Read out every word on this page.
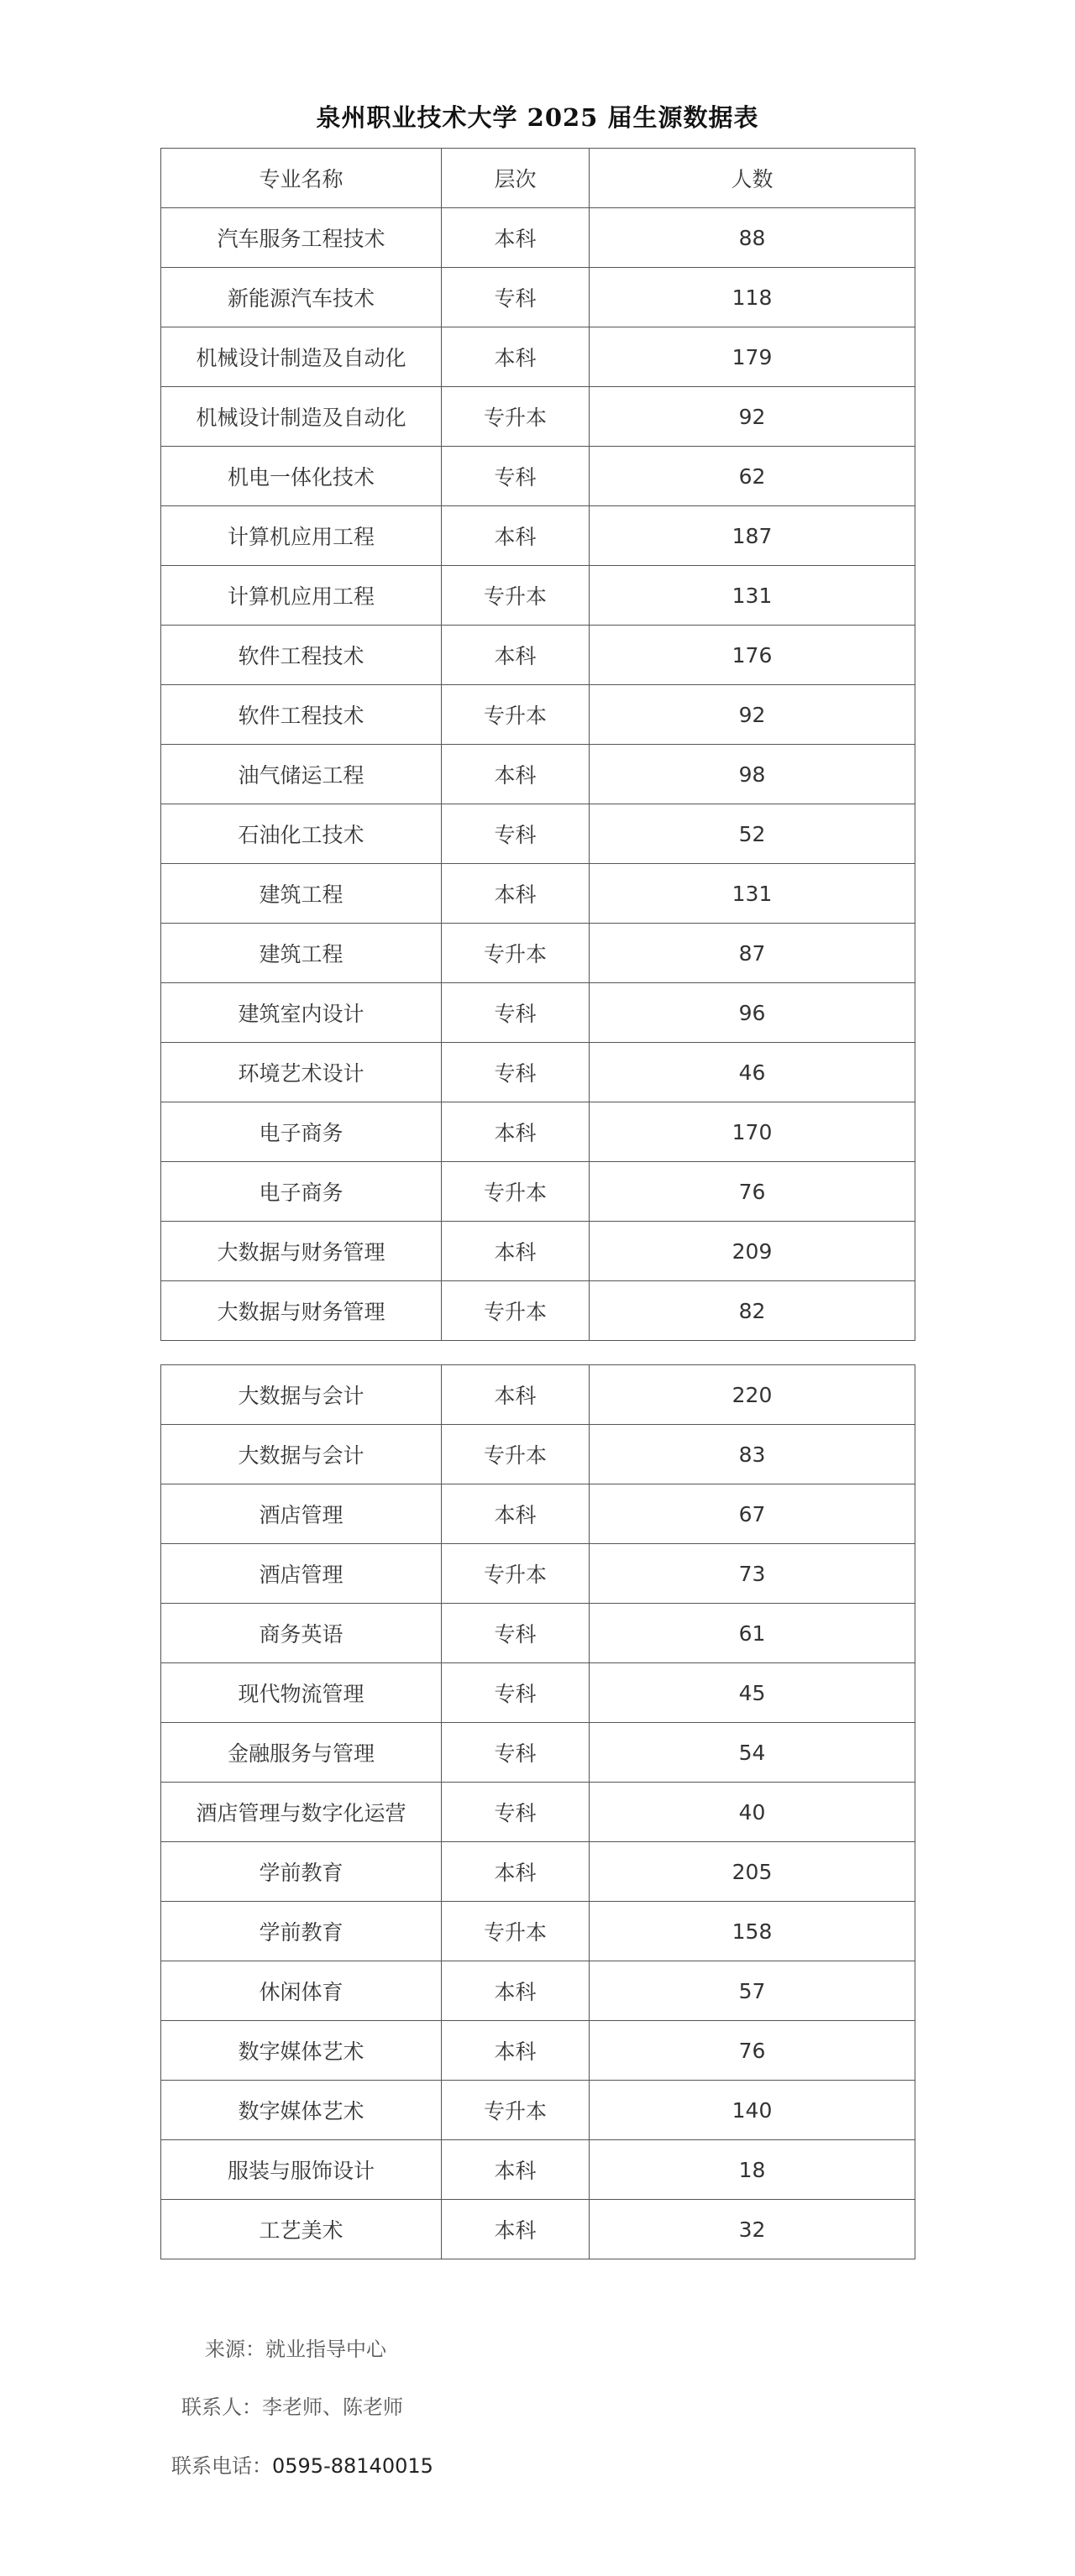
泉州职业技术大学 2025 届生源数据表
专业名称	层次	人数
汽车服务工程技术	本科	88
新能源汽车技术	专科	118
机械设计制造及自动化	本科	179
机械设计制造及自动化	专升本	92
机电一体化技术	专科	62
计算机应用工程	本科	187
计算机应用工程	专升本	131
软件工程技术	本科	176
软件工程技术	专升本	92
油气储运工程	本科	98
石油化工技术	专科	52
建筑工程	本科	131
建筑工程	专升本	87
建筑室内设计	专科	96
环境艺术设计	专科	46
电子商务	本科	170
电子商务	专升本	76
大数据与财务管理	本科	209
大数据与财务管理	专升本	82
大数据与会计	本科	220
大数据与会计	专升本	83
酒店管理	本科	67
酒店管理	专升本	73
商务英语	专科	61
现代物流管理	专科	45
金融服务与管理	专科	54
酒店管理与数字化运营	专科	40
学前教育	本科	205
学前教育	专升本	158
休闲体育	本科	57
数字媒体艺术	本科	76
数字媒体艺术	专升本	140
服装与服饰设计	本科	18
工艺美术	本科	32
来源：就业指导中心
联系人：李老师、陈老师
联系电话：0595-88140015
